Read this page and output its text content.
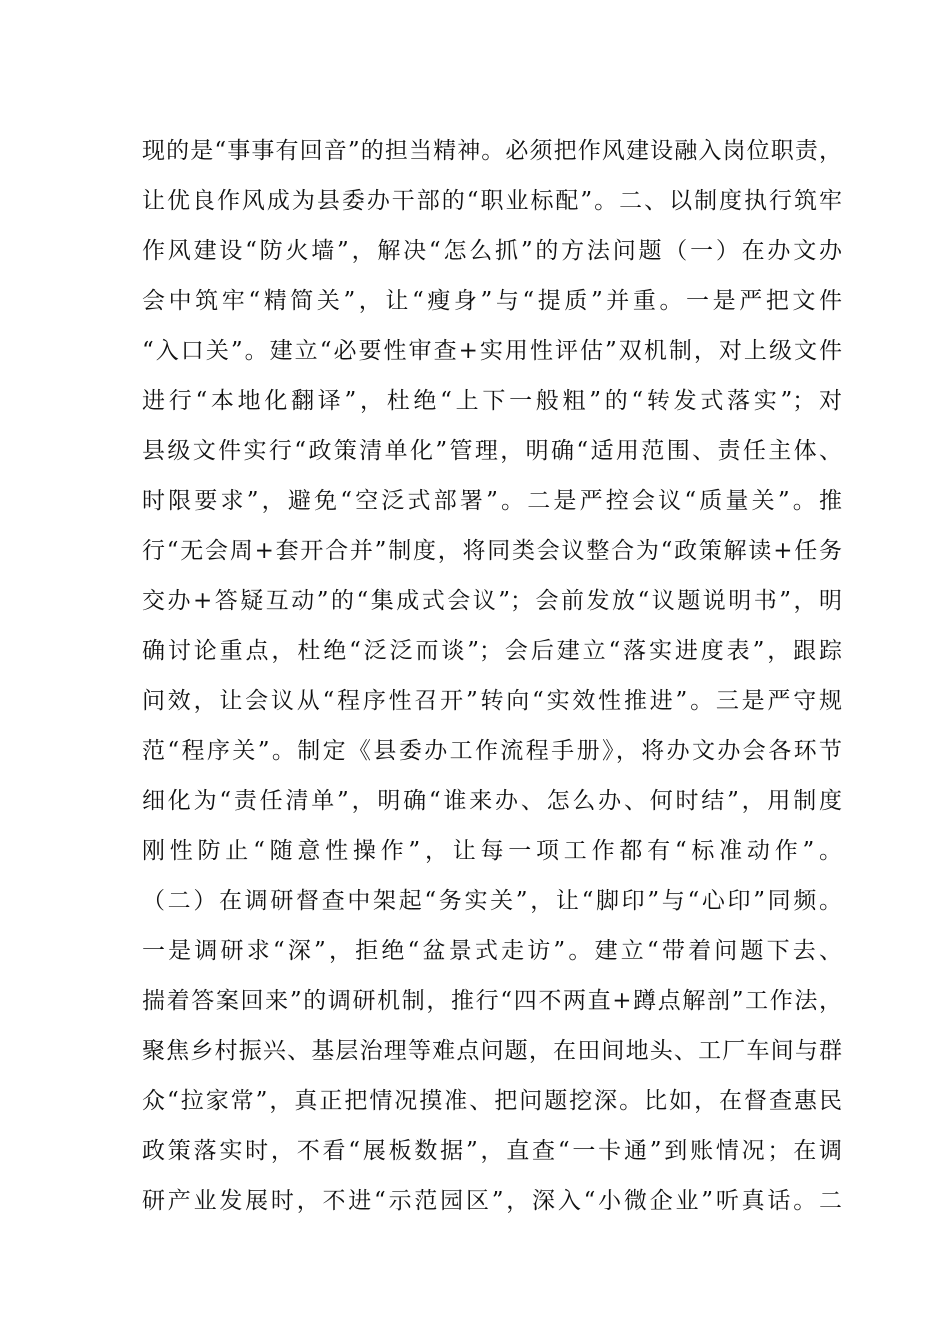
现的是“事事有回音”的担当精神。必须把作风建设融入岗位职责，
让优良作风成为县委办干部的“职业标配”。二、以制度执行筑牢
作风建设“防火墙”，解决“怎么抓”的方法问题（一）在办文办
会中筑牢“精简关”，让“瘦身”与“提质”并重。一是严把文件
“入口关”。建立“必要性审查+实用性评估”双机制，对上级文件
进行“本地化翻译”，杜绝“上下一般粗”的“转发式落实”；对
县级文件实行“政策清单化”管理，明确“适用范围、责任主体、
时限要求”，避免“空泛式部署”。二是严控会议“质量关”。推
行“无会周+套开合并”制度，将同类会议整合为“政策解读+任务
交办+答疑互动”的“集成式会议”；会前发放“议题说明书”，明
确讨论重点，杜绝“泛泛而谈”；会后建立“落实进度表”，跟踪
问效，让会议从“程序性召开”转向“实效性推进”。三是严守规
范“程序关”。制定《县委办工作流程手册》，将办文办会各环节
细化为“责任清单”，明确“谁来办、怎么办、何时结”，用制度
刚性防止“随意性操作”，让每一项工作都有“标准动作”。
（二）在调研督查中架起“务实关”，让“脚印”与“心印”同频。
一是调研求“深”，拒绝“盆景式走访”。建立“带着问题下去、
揣着答案回来”的调研机制，推行“四不两直+蹲点解剖”工作法，
聚焦乡村振兴、基层治理等难点问题，在田间地头、工厂车间与群
众“拉家常”，真正把情况摸准、把问题挖深。比如，在督查惠民
政策落实时，不看“展板数据”，直查“一卡通”到账情况；在调
研产业发展时，不进“示范园区”，深入“小微企业”听真话。二
